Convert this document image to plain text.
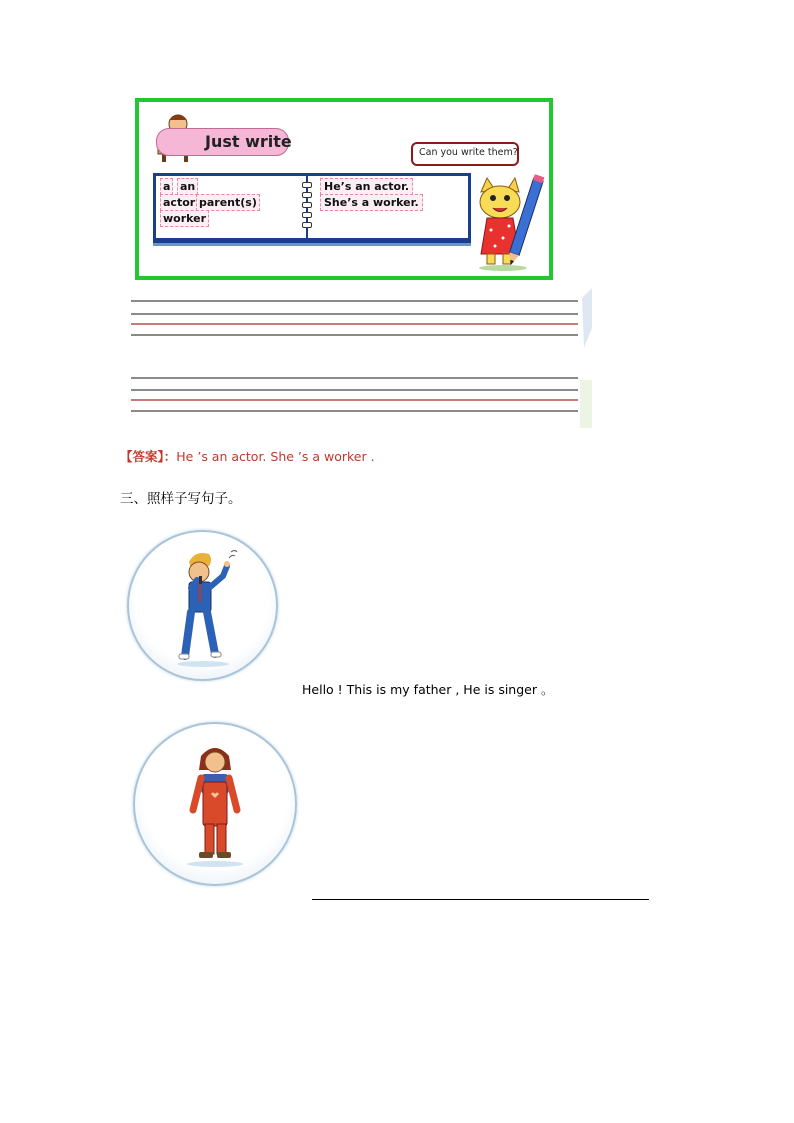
Just write
Can you write them?
a an
actor parent(s)
worker
He’s an actor.
She’s a worker.
【答案】：He ’s an actor. She ’s a worker .
三、照样子写句子。
Hello ! This is my father , He is singer 。
